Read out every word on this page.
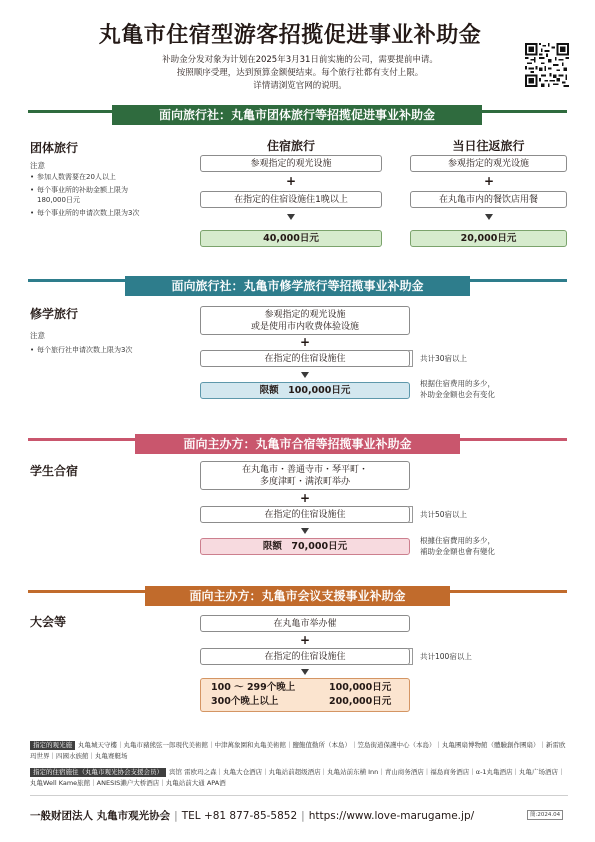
丸亀市住宿型游客招揽促进事业补助金
补助金分发对象为计划在2025年3月31日前实施的公司，需要提前申请。
按照顺序受理，达到预算金额便结束。每个旅行社都有支付上限。
详情请浏览官网的说明。
面向旅行社：丸亀市团体旅行等招揽促进事业补助金
团体旅行
注意
• 参加人数需要在20人以上
• 每个事业所的补助金额上限为
180,000日元
• 每个事业所的申请次数上限为3次
住宿旅行
参观指定的观光设施
+
在指定的住宿设施住1晚以上
40,000日元
当日往返旅行
参观指定的观光设施
+
在丸亀市内的餐饮店用餐
20,000日元
面向旅行社：丸亀市修学旅行等招揽事业补助金
修学旅行
注意
• 每个旅行社申请次数上限为3次
参观指定的观光设施
或是使用市内收费体验设施
+
在指定的住宿设施住	共计30宿以上
限额　100,000日元
根据住宿费用的多少，
补助金金额也会有变化
面向主办方：丸亀市合宿等招揽事业补助金
学生合宿	在丸亀市・善通寺市・琴平町・
多度津町・满浓町举办
+
在指定的住宿设施住	共计50宿以上
限额　70,000日元	根據住宿費用的多少，
補助金金額也會有變化
面向主办方：丸亀市会议支援事业补助金
大会等	在丸亀市举办催
+
在指定的住宿设施住	共计100宿以上
100 ～ 299个晚上	100,000日元
300个晚上以上	200,000日元
指定的观光施 丸亀城天守樓｜丸亀市豬熊弦一郎現代美術館｜中津萬象園和丸亀美術館｜鹽飽值勤所（本島）｜笠島街道保護中心（本島）｜丸亀團扇博物館（體驗創作團扇）｜新雷欧玛世界｜四國水族館｜丸亀赛艇场
指定的住宿施住（丸亀市观光协会支援会员） 宾馆 雷欧玛之森｜丸亀大仓酒店｜丸亀站前超级酒店｜丸亀站前东横 Inn｜青山商务酒店｜福島商务酒店｜α-1丸亀酒店｜丸亀广场酒店｜丸亀Well Kame旅館｜ANESIS濑户大桥酒店｜丸亀站前大通 APA酒
一般财团法人 丸亀市观光协会 | TEL +81 877-85-5852 | https://www.love-marugame.jp/	簡:2024.04
